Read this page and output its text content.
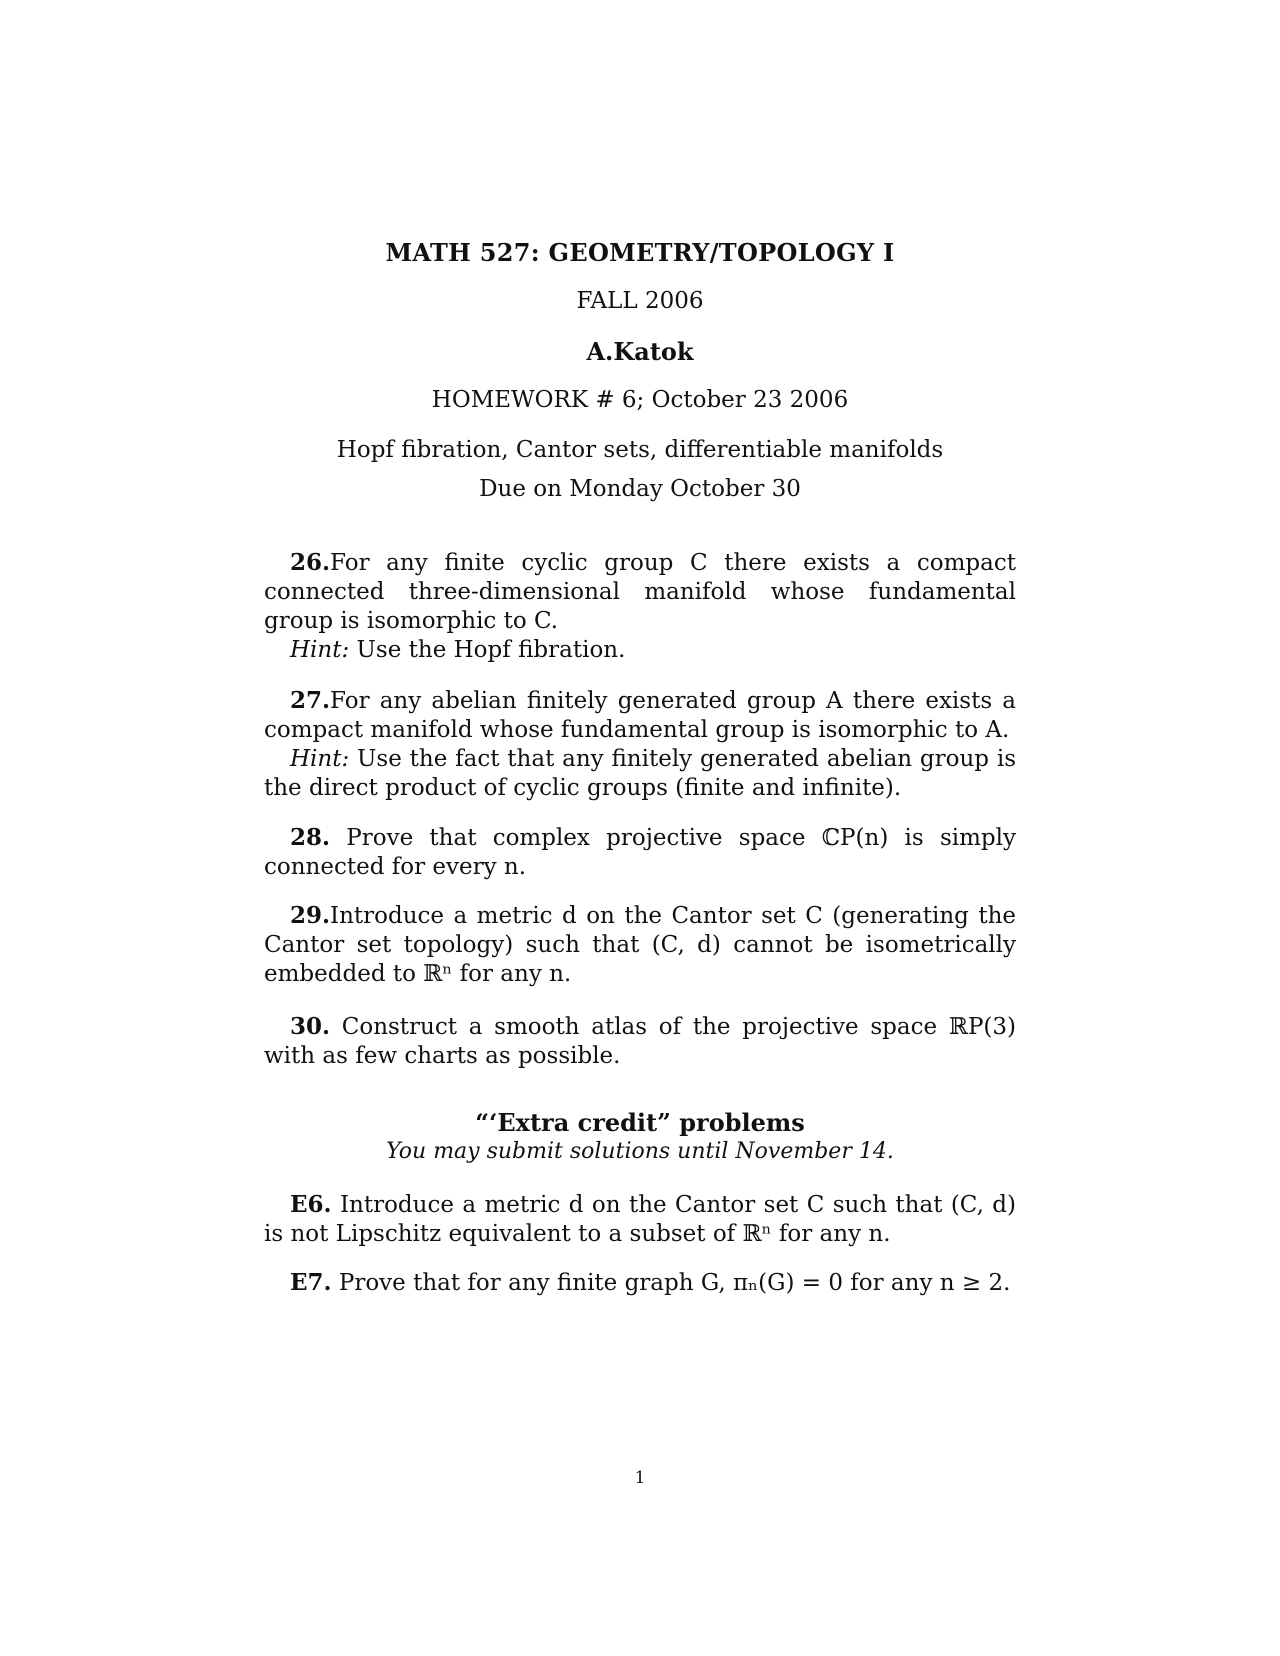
MATH 527: GEOMETRY/TOPOLOGY I
FALL 2006
A.Katok
HOMEWORK # 6; October 23 2006
Hopf fibration, Cantor sets, differentiable manifolds
Due on Monday October 30

26.For any finite cyclic group C there exists a compact connected three-dimensional manifold whose fundamental group is isomorphic to C.

Hint: Use the Hopf fibration.

27.For any abelian finitely generated group A there exists a compact manifold whose fundamental group is isomorphic to A.

Hint: Use the fact that any finitely generated abelian group is the direct product of cyclic groups (finite and infinite).

28. Prove that complex projective space ℂP(n) is simply connected for every n.

29.Introduce a metric d on the Cantor set C (generating the Cantor set topology) such that (C, d) cannot be isometrically embedded to ℝⁿ for any n.

30. Construct a smooth atlas of the projective space ℝP(3) with as few charts as possible.

“‘Extra credit” problems
You may submit solutions until November 14.

E6. Introduce a metric d on the Cantor set C such that (C, d) is not Lipschitz equivalent to a subset of ℝⁿ for any n.

E7. Prove that for any finite graph G, πₙ(G) = 0 for any n ≥ 2.

1
